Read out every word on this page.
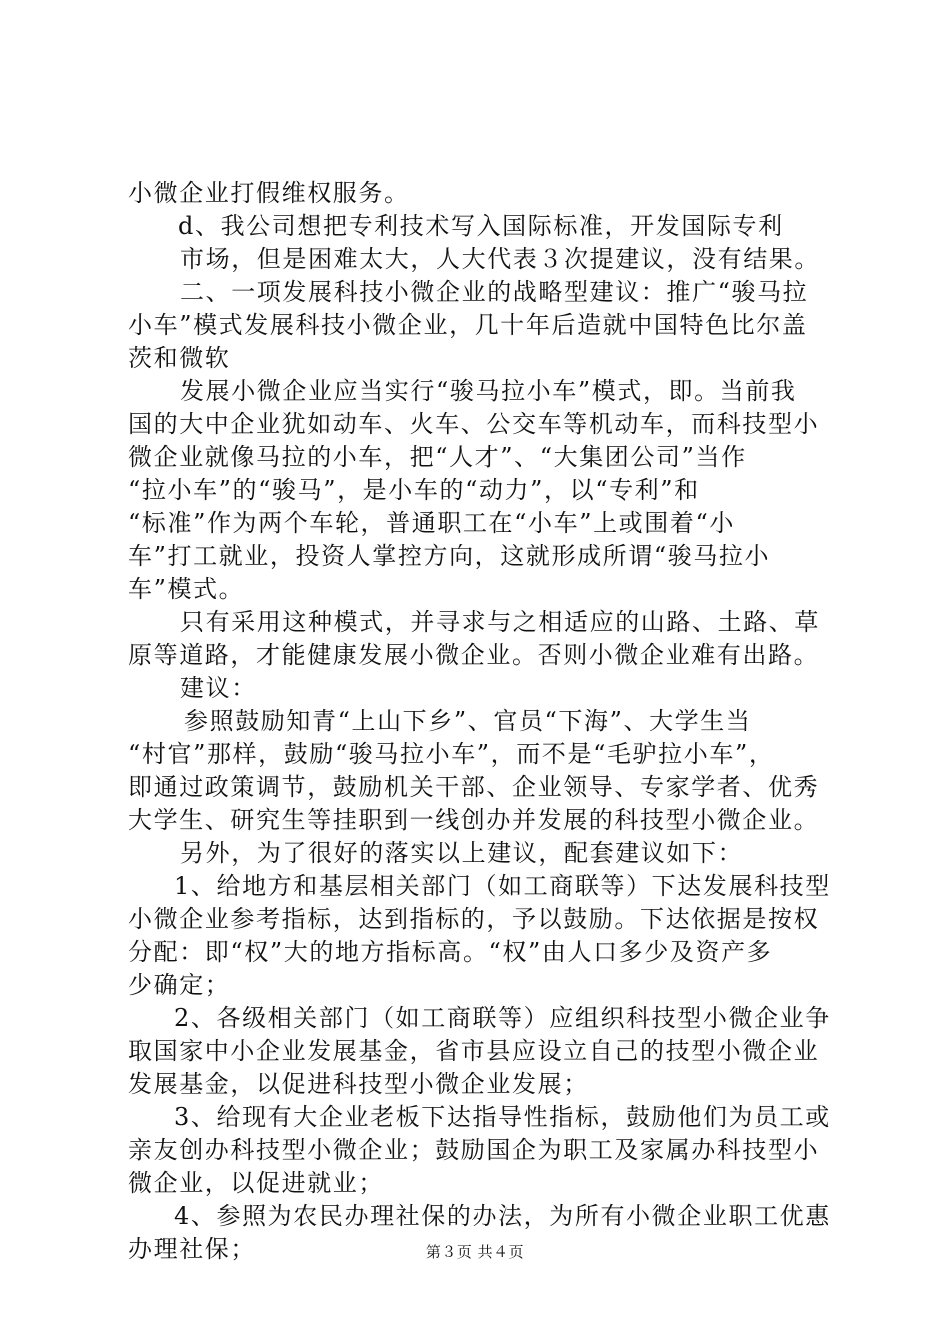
小微企业打假维权服务。
d、我公司想把专利技术写入国际标准，开发国际专利
市场，但是困难太大，人大代表３次提建议，没有结果。
二、一项发展科技小微企业的战略型建议：推广“骏马拉
小车”模式发展科技小微企业，几十年后造就中国特色比尔盖
茨和微软
发展小微企业应当实行“骏马拉小车”模式，即。当前我
国的大中企业犹如动车、火车、公交车等机动车，而科技型小
微企业就像马拉的小车，把“人才”、“大集团公司”当作
“拉小车”的“骏马”，是小车的“动力”，以“专利”和
“标准”作为两个车轮，普通职工在“小车”上或围着“小
车”打工就业，投资人掌控方向，这就形成所谓“骏马拉小
车”模式。
只有采用这种模式，并寻求与之相适应的山路、土路、草
原等道路，才能健康发展小微企业。否则小微企业难有出路。
建议：
参照鼓励知青“上山下乡”、官员“下海”、大学生当
“村官”那样，鼓励“骏马拉小车”，而不是“毛驴拉小车”，
即通过政策调节，鼓励机关干部、企业领导、专家学者、优秀
大学生、研究生等挂职到一线创办并发展的科技型小微企业。
另外，为了很好的落实以上建议，配套建议如下：
1、给地方和基层相关部门（如工商联等）下达发展科技型
小微企业参考指标，达到指标的，予以鼓励。下达依据是按权
分配：即“权”大的地方指标高。“权”由人口多少及资产多
少确定；
2、各级相关部门（如工商联等）应组织科技型小微企业争
取国家中小企业发展基金，省市县应设立自己的技型小微企业
发展基金，以促进科技型小微企业发展；
3、给现有大企业老板下达指导性指标，鼓励他们为员工或
亲友创办科技型小微企业；鼓励国企为职工及家属办科技型小
微企业，以促进就业；
4、参照为农民办理社保的办法，为所有小微企业职工优惠
办理社保；	第３页 共４页
